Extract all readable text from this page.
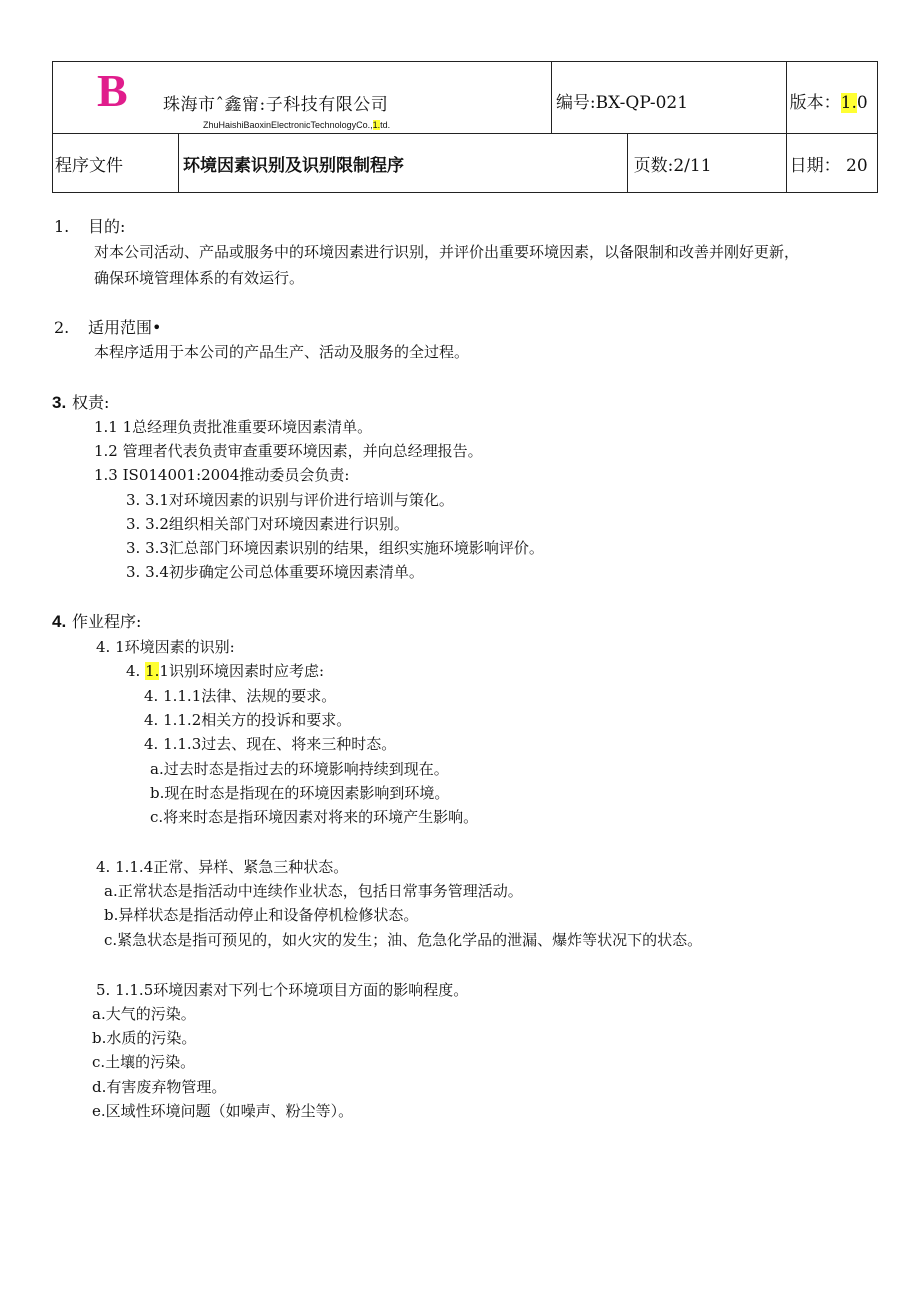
B 珠海市ˆ鑫甯:子科技有限公司
ZhuHaishiBaoxinElectronicTechnologyCo.,1.td.		编号:BX-QP-021		版本：1.0
程序文件	环境因素识别及识别限制程序		页数:2/11	日期： 20
1. 目的:
对本公司活动、产品或服务中的环境因素进行识别，并评价出重要环境因素，以备限制和改善并刚好更新，
确保环境管理体系的有效运行。
2. 适用范围•
本程序适用于本公司的产品生产、活动及服务的全过程。
3. 权责:
1.1 1总经理负责批准重要环境因素清单。
1.2 管理者代表负责审查重要环境因素，并向总经理报告。
1.3 IS014001:2004推动委员会负责:
3. 3.1对环境因素的识别与评价进行培训与策化。
3. 3.2组织相关部门对环境因素进行识别。
3. 3.3汇总部门环境因素识别的结果，组织实施环境影响评价。
3. 3.4初步确定公司总体重要环境因素清单。
4. 作业程序:
4. 1环境因素的识别:
4. 1.1识别环境因素时应考虑:
4. 1.1.1法律、法规的要求。
4. 1.1.2相关方的投诉和要求。
4. 1.1.3过去、现在、将来三种时态。
a.过去时态是指过去的环境影响持续到现在。
b.现在时态是指现在的环境因素影响到环境。
c.将来时态是指环境因素对将来的环境产生影响。
4. 1.1.4正常、异样、紧急三种状态。
a.正常状态是指活动中连续作业状态，包括日常事务管理活动。
b.异样状态是指活动停止和设备停机检修状态。
c.紧急状态是指可预见的，如火灾的发生；油、危急化学品的泄漏、爆炸等状况下的状态。
5. 1.1.5环境因素对下列七个环境项目方面的影响程度。
a.大气的污染。
b.水质的污染。
c.土壤的污染。
d.有害废弃物管理。
e.区域性环境问题（如噪声、粉尘等）。
